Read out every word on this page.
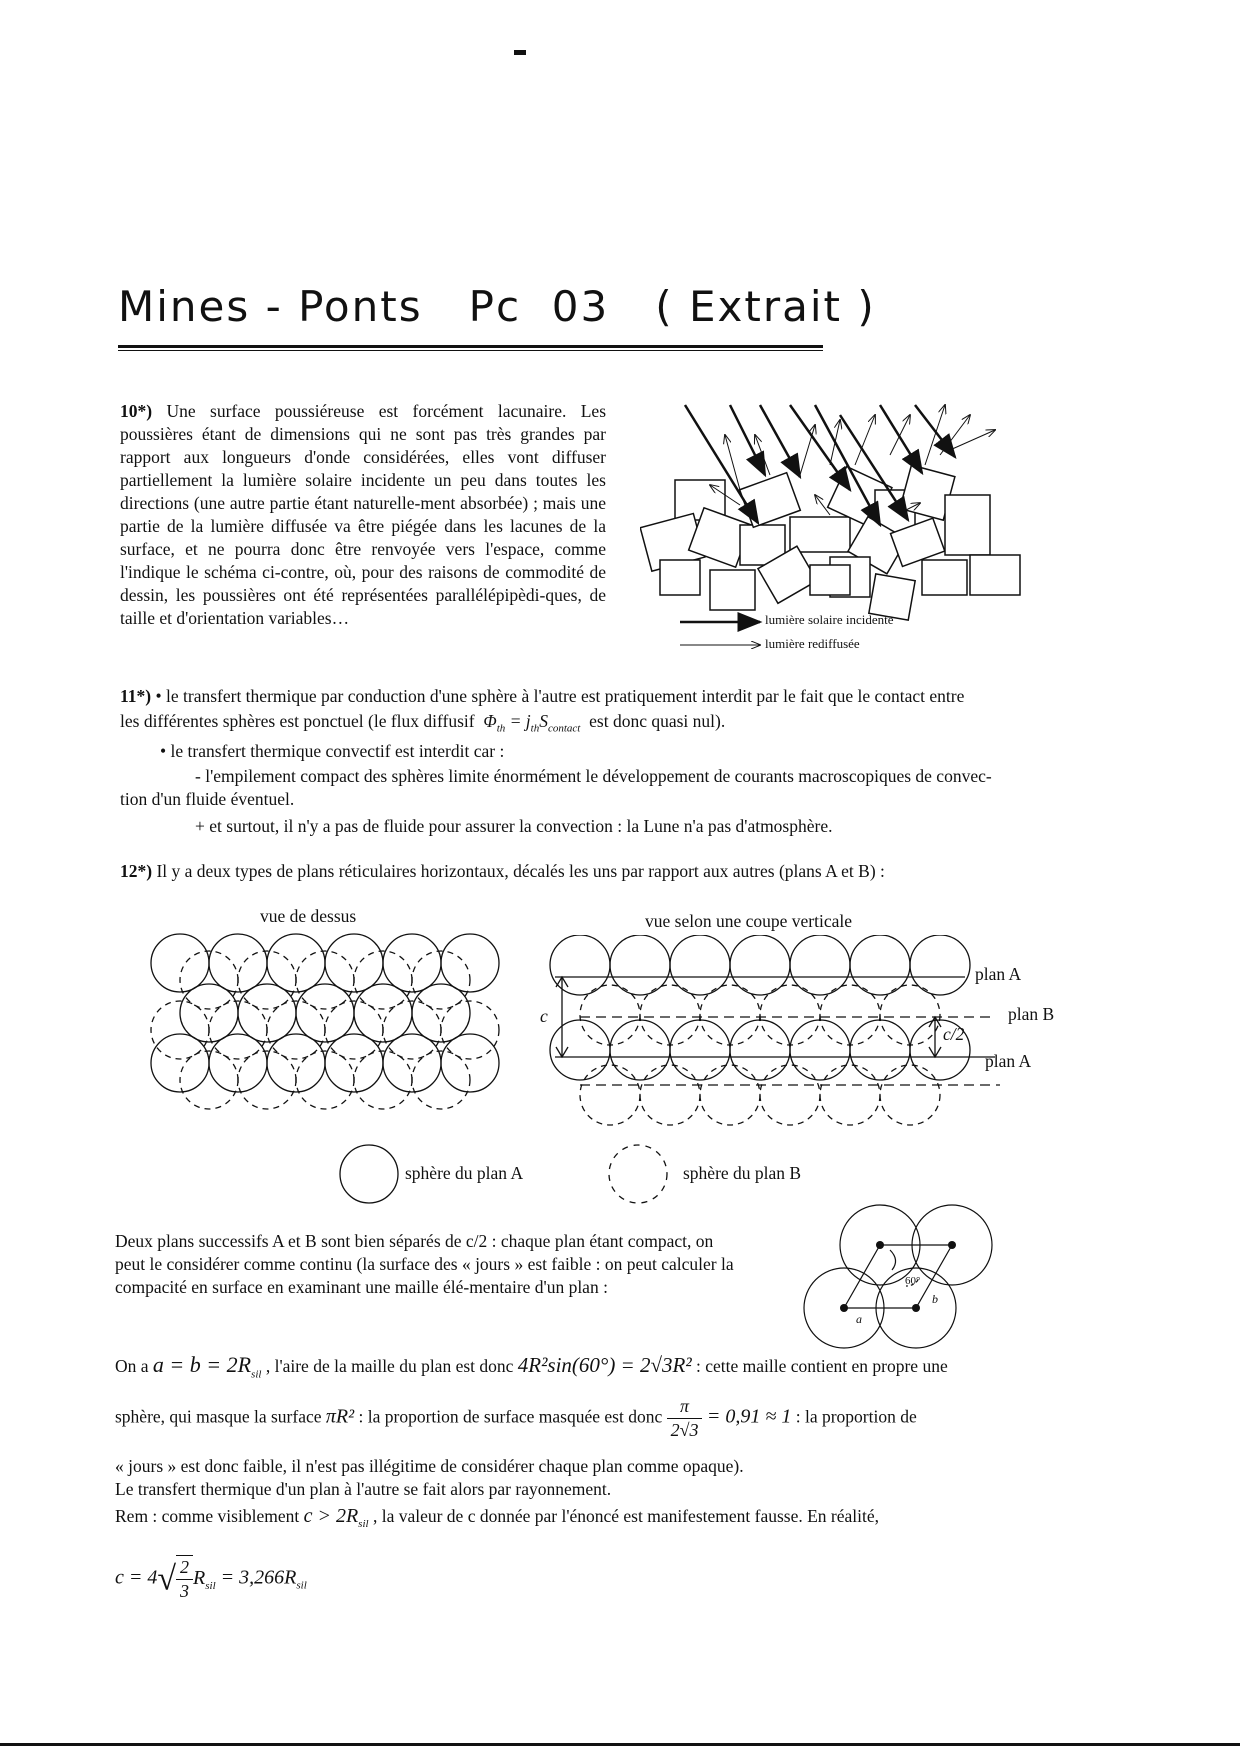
Mines - Ponts   Pc  03   ( Extrait )
10*) Une surface poussiéreuse est forcément lacunaire. Les poussières étant de dimensions qui ne sont pas très grandes par rapport aux longueurs d'onde considérées, elles vont diffuser partiellement la lumière solaire incidente un peu dans toutes les directions (une autre partie étant naturelle-ment absorbée) ; mais une partie de la lumière diffusée va être piégée dans les lacunes de la surface, et ne pourra donc être renvoyée vers l'espace, comme l'indique le schéma ci-contre, où, pour des raisons de commodité de dessin, les poussières ont été représentées parallélépipèdi-ques, de taille et d'orientation variables…	lumière solaire incidente
lumière rediffusée
11*) • le transfert thermique par conduction d'une sphère à l'autre est pratiquement interdit par le fait que le contact entre
les différentes sphères est ponctuel (le flux diffusif  $\Phi_{th} = j_{th}S_{contact}$ est donc quasi nul).
• le transfert thermique convectif est interdit car :
- l'empilement compact des sphères limite énormément le développement de courants macroscopiques de convec-
tion d'un fluide éventuel.
+ et surtout, il n'y a pas de fluide pour assurer la convection : la Lune n'a pas d'atmosphère.
12*) Il y a deux types de plans réticulaires horizontaux, décalés les uns par rapport aux autres (plans A et B) :
vue de dessus	vue selon une coupe verticale
c
c/2
plan A
plan B
plan A
sphère du plan A	sphère du plan B
Deux plans successifs A et B sont bien séparés de c/2 : chaque plan étant compact, on peut le considérer comme continu (la surface des « jours » est faible : on peut calculer la compacité en surface en examinant une maille élé-mentaire d'un plan :	60°
a
b
On a $a = b = 2R_{sil}$ , l'aire de la maille du plan est donc 4R²sin(60°) = 2√3R² : cette maille contient en propre une
sphère, qui masque la surface πR² : la proportion de surface masquée est donc $\frac{\pi}{2√3} = 0,91 \approx 1$ : la proportion de
« jours » est donc faible, il n'est pas illégitime de considérer chaque plan comme opaque).
Le transfert thermique d'un plan à l'autre se fait alors par rayonnement.
Rem : comme visiblement $c > 2R_{sil}$ , la valeur de c donnée par l'énoncé est manifestement fausse. En réalité,
$c = 4√ \frac{2}{3} R_{sil} = 3,266R_{sil}$
